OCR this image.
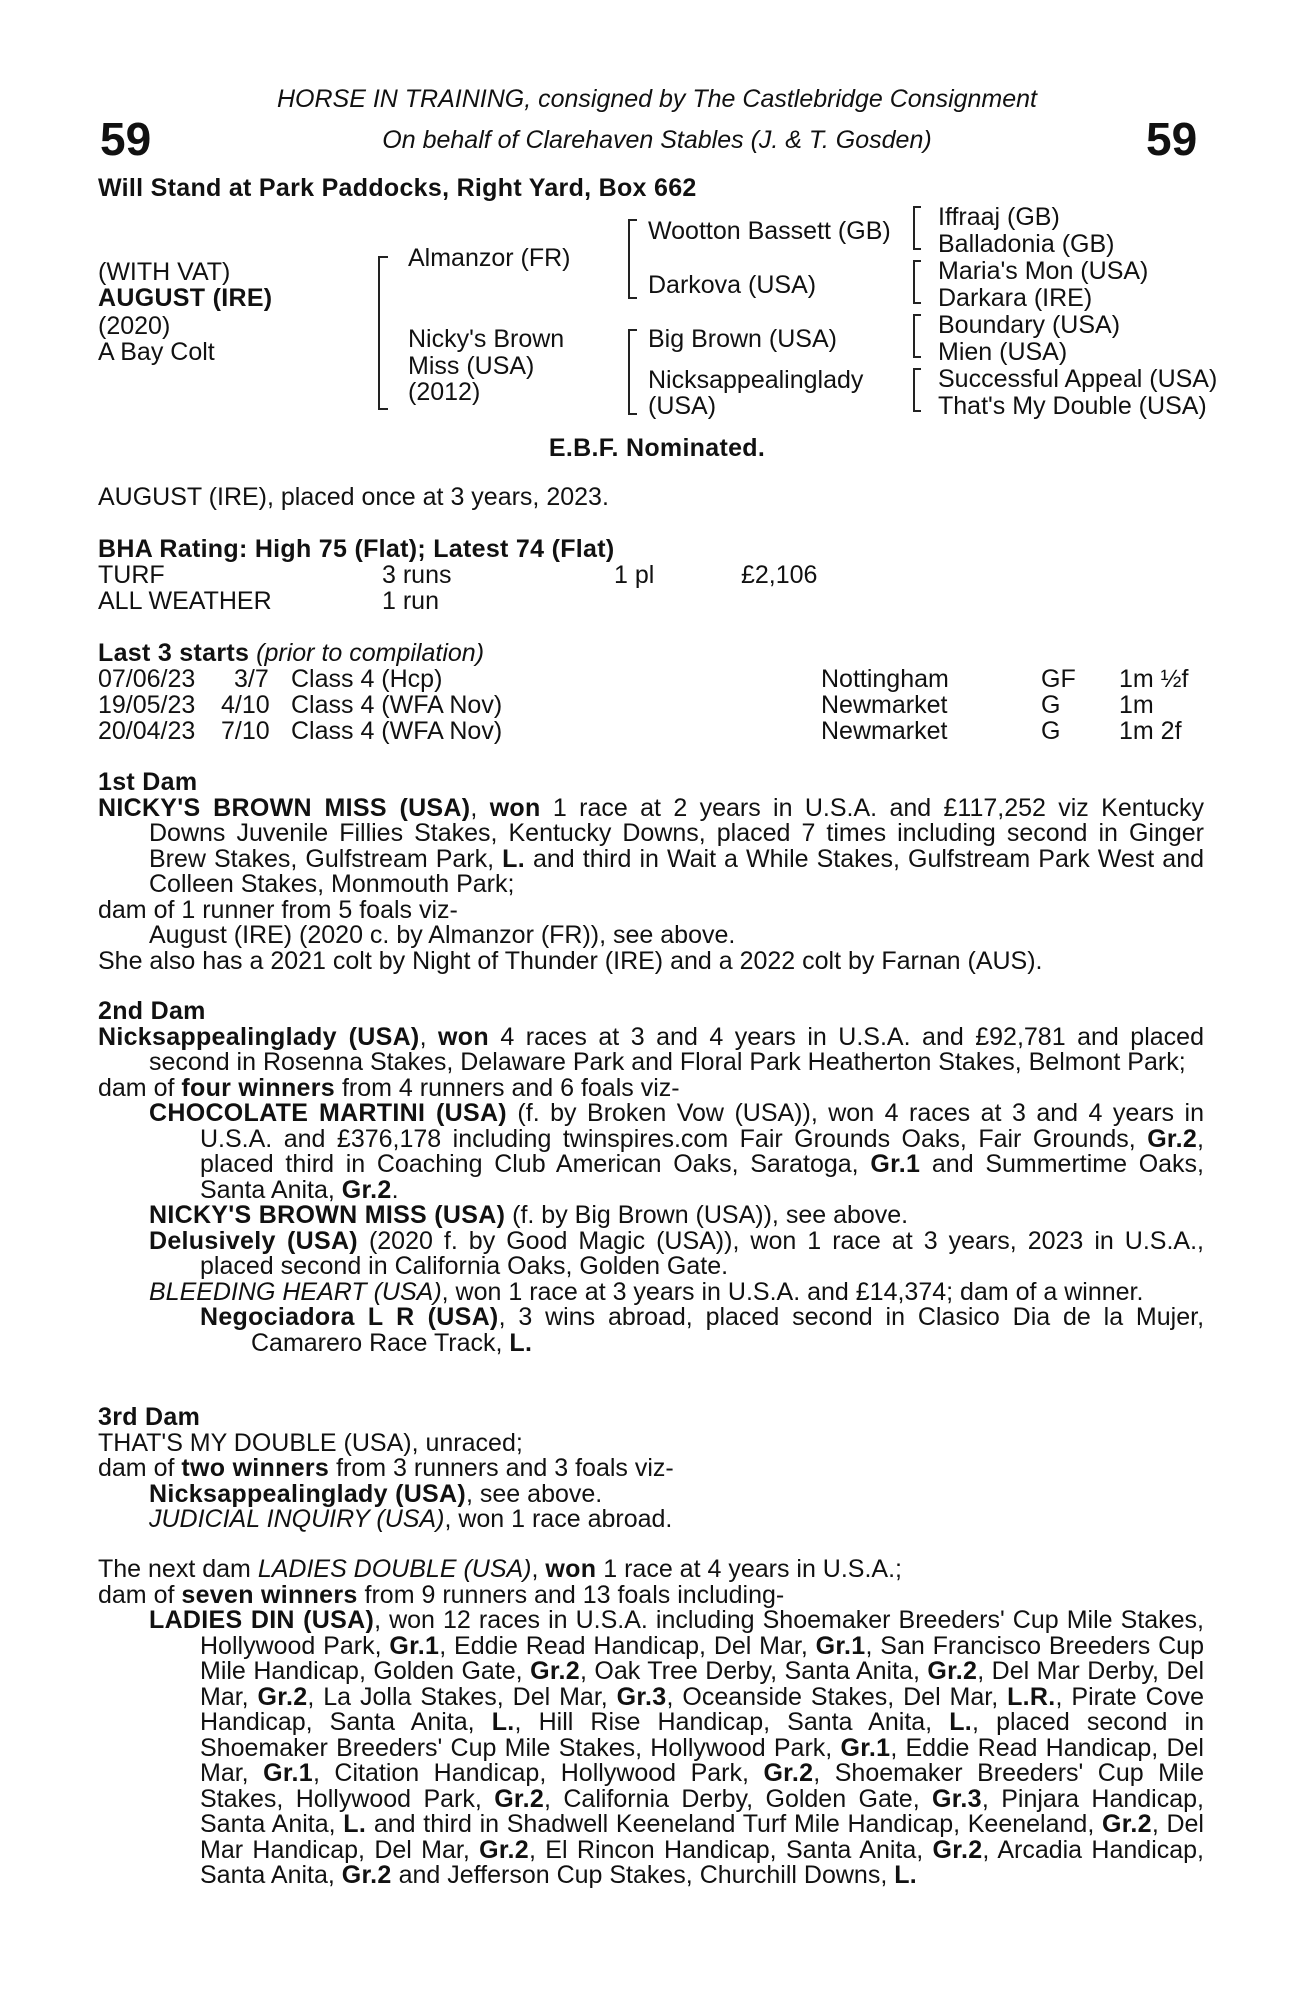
59	59
HORSE IN TRAINING, consigned by The Castlebridge Consignment
On behalf of Clarehaven Stables (J. & T. Gosden)
Will Stand at Park Paddocks, Right Yard, Box 662
(WITH VAT)
AUGUST (IRE)
(2020)
A Bay Colt
Almanzor (FR)
Nicky's Brown
Miss (USA)
(2012)
Wootton Bassett (GB)
Darkova (USA)
Big Brown (USA)
Nicksappealinglady
(USA)
Iffraaj (GB)
Balladonia (GB)
Maria's Mon (USA)
Darkara (IRE)
Boundary (USA)
Mien (USA)
Successful Appeal (USA)
That's My Double (USA)
E.B.F. Nominated.
AUGUST (IRE), placed once at 3 years, 2023.
BHA Rating: High 75 (Flat); Latest 74 (Flat)
TURF	3 runs	1 pl	£2,106
ALL WEATHER	1 run
Last 3 starts (prior to compilation)
07/06/23 3/7 Class 4 (Hcp)	Nottingham	GF 1m ½f
19/05/23 4/10 Class 4 (WFA Nov)	Newmarket	G 1m
20/04/23 7/10 Class 4 (WFA Nov)	Newmarket	G 1m 2f
1st Dam
NICKY'S BROWN MISS (USA), won 1 race at 2 years in U.S.A. and £117,252 viz Kentucky Downs Juvenile Fillies Stakes, Kentucky Downs, placed 7 times including second in Ginger Brew Stakes, Gulfstream Park, L. and third in Wait a While Stakes, Gulfstream Park West and Colleen Stakes, Monmouth Park;
dam of 1 runner from 5 foals viz-
August (IRE) (2020 c. by Almanzor (FR)), see above.
She also has a 2021 colt by Night of Thunder (IRE) and a 2022 colt by Farnan (AUS).
2nd Dam
Nicksappealinglady (USA), won 4 races at 3 and 4 years in U.S.A. and £92,781 and placed second in Rosenna Stakes, Delaware Park and Floral Park Heatherton Stakes, Belmont Park;
dam of four winners from 4 runners and 6 foals viz-
CHOCOLATE MARTINI (USA) (f. by Broken Vow (USA)), won 4 races at 3 and 4 years in U.S.A. and £376,178 including twinspires.com Fair Grounds Oaks, Fair Grounds, Gr.2, placed third in Coaching Club American Oaks, Saratoga, Gr.1 and Summertime Oaks, Santa Anita, Gr.2.
NICKY'S BROWN MISS (USA) (f. by Big Brown (USA)), see above.
Delusively (USA) (2020 f. by Good Magic (USA)), won 1 race at 3 years, 2023 in U.S.A., placed second in California Oaks, Golden Gate.
BLEEDING HEART (USA), won 1 race at 3 years in U.S.A. and £14,374; dam of a winner.
Negociadora L R (USA), 3 wins abroad, placed second in Clasico Dia de la Mujer, Camarero Race Track, L.
3rd Dam
THAT'S MY DOUBLE (USA), unraced;
dam of two winners from 3 runners and 3 foals viz-
Nicksappealinglady (USA), see above.
JUDICIAL INQUIRY (USA), won 1 race abroad.
The next dam LADIES DOUBLE (USA), won 1 race at 4 years in U.S.A.;
dam of seven winners from 9 runners and 13 foals including-
LADIES DIN (USA), won 12 races in U.S.A. including Shoemaker Breeders' Cup Mile Stakes, Hollywood Park, Gr.1, Eddie Read Handicap, Del Mar, Gr.1, San Francisco Breeders Cup Mile Handicap, Golden Gate, Gr.2, Oak Tree Derby, Santa Anita, Gr.2, Del Mar Derby, Del Mar, Gr.2, La Jolla Stakes, Del Mar, Gr.3, Oceanside Stakes, Del Mar, L.R., Pirate Cove Handicap, Santa Anita, L., Hill Rise Handicap, Santa Anita, L., placed second in Shoemaker Breeders' Cup Mile Stakes, Hollywood Park, Gr.1, Eddie Read Handicap, Del Mar, Gr.1, Citation Handicap, Hollywood Park, Gr.2, Shoemaker Breeders' Cup Mile Stakes, Hollywood Park, Gr.2, California Derby, Golden Gate, Gr.3, Pinjara Handicap, Santa Anita, L. and third in Shadwell Keeneland Turf Mile Handicap, Keeneland, Gr.2, Del Mar Handicap, Del Mar, Gr.2, El Rincon Handicap, Santa Anita, Gr.2, Arcadia Handicap, Santa Anita, Gr.2 and Jefferson Cup Stakes, Churchill Downs, L.
